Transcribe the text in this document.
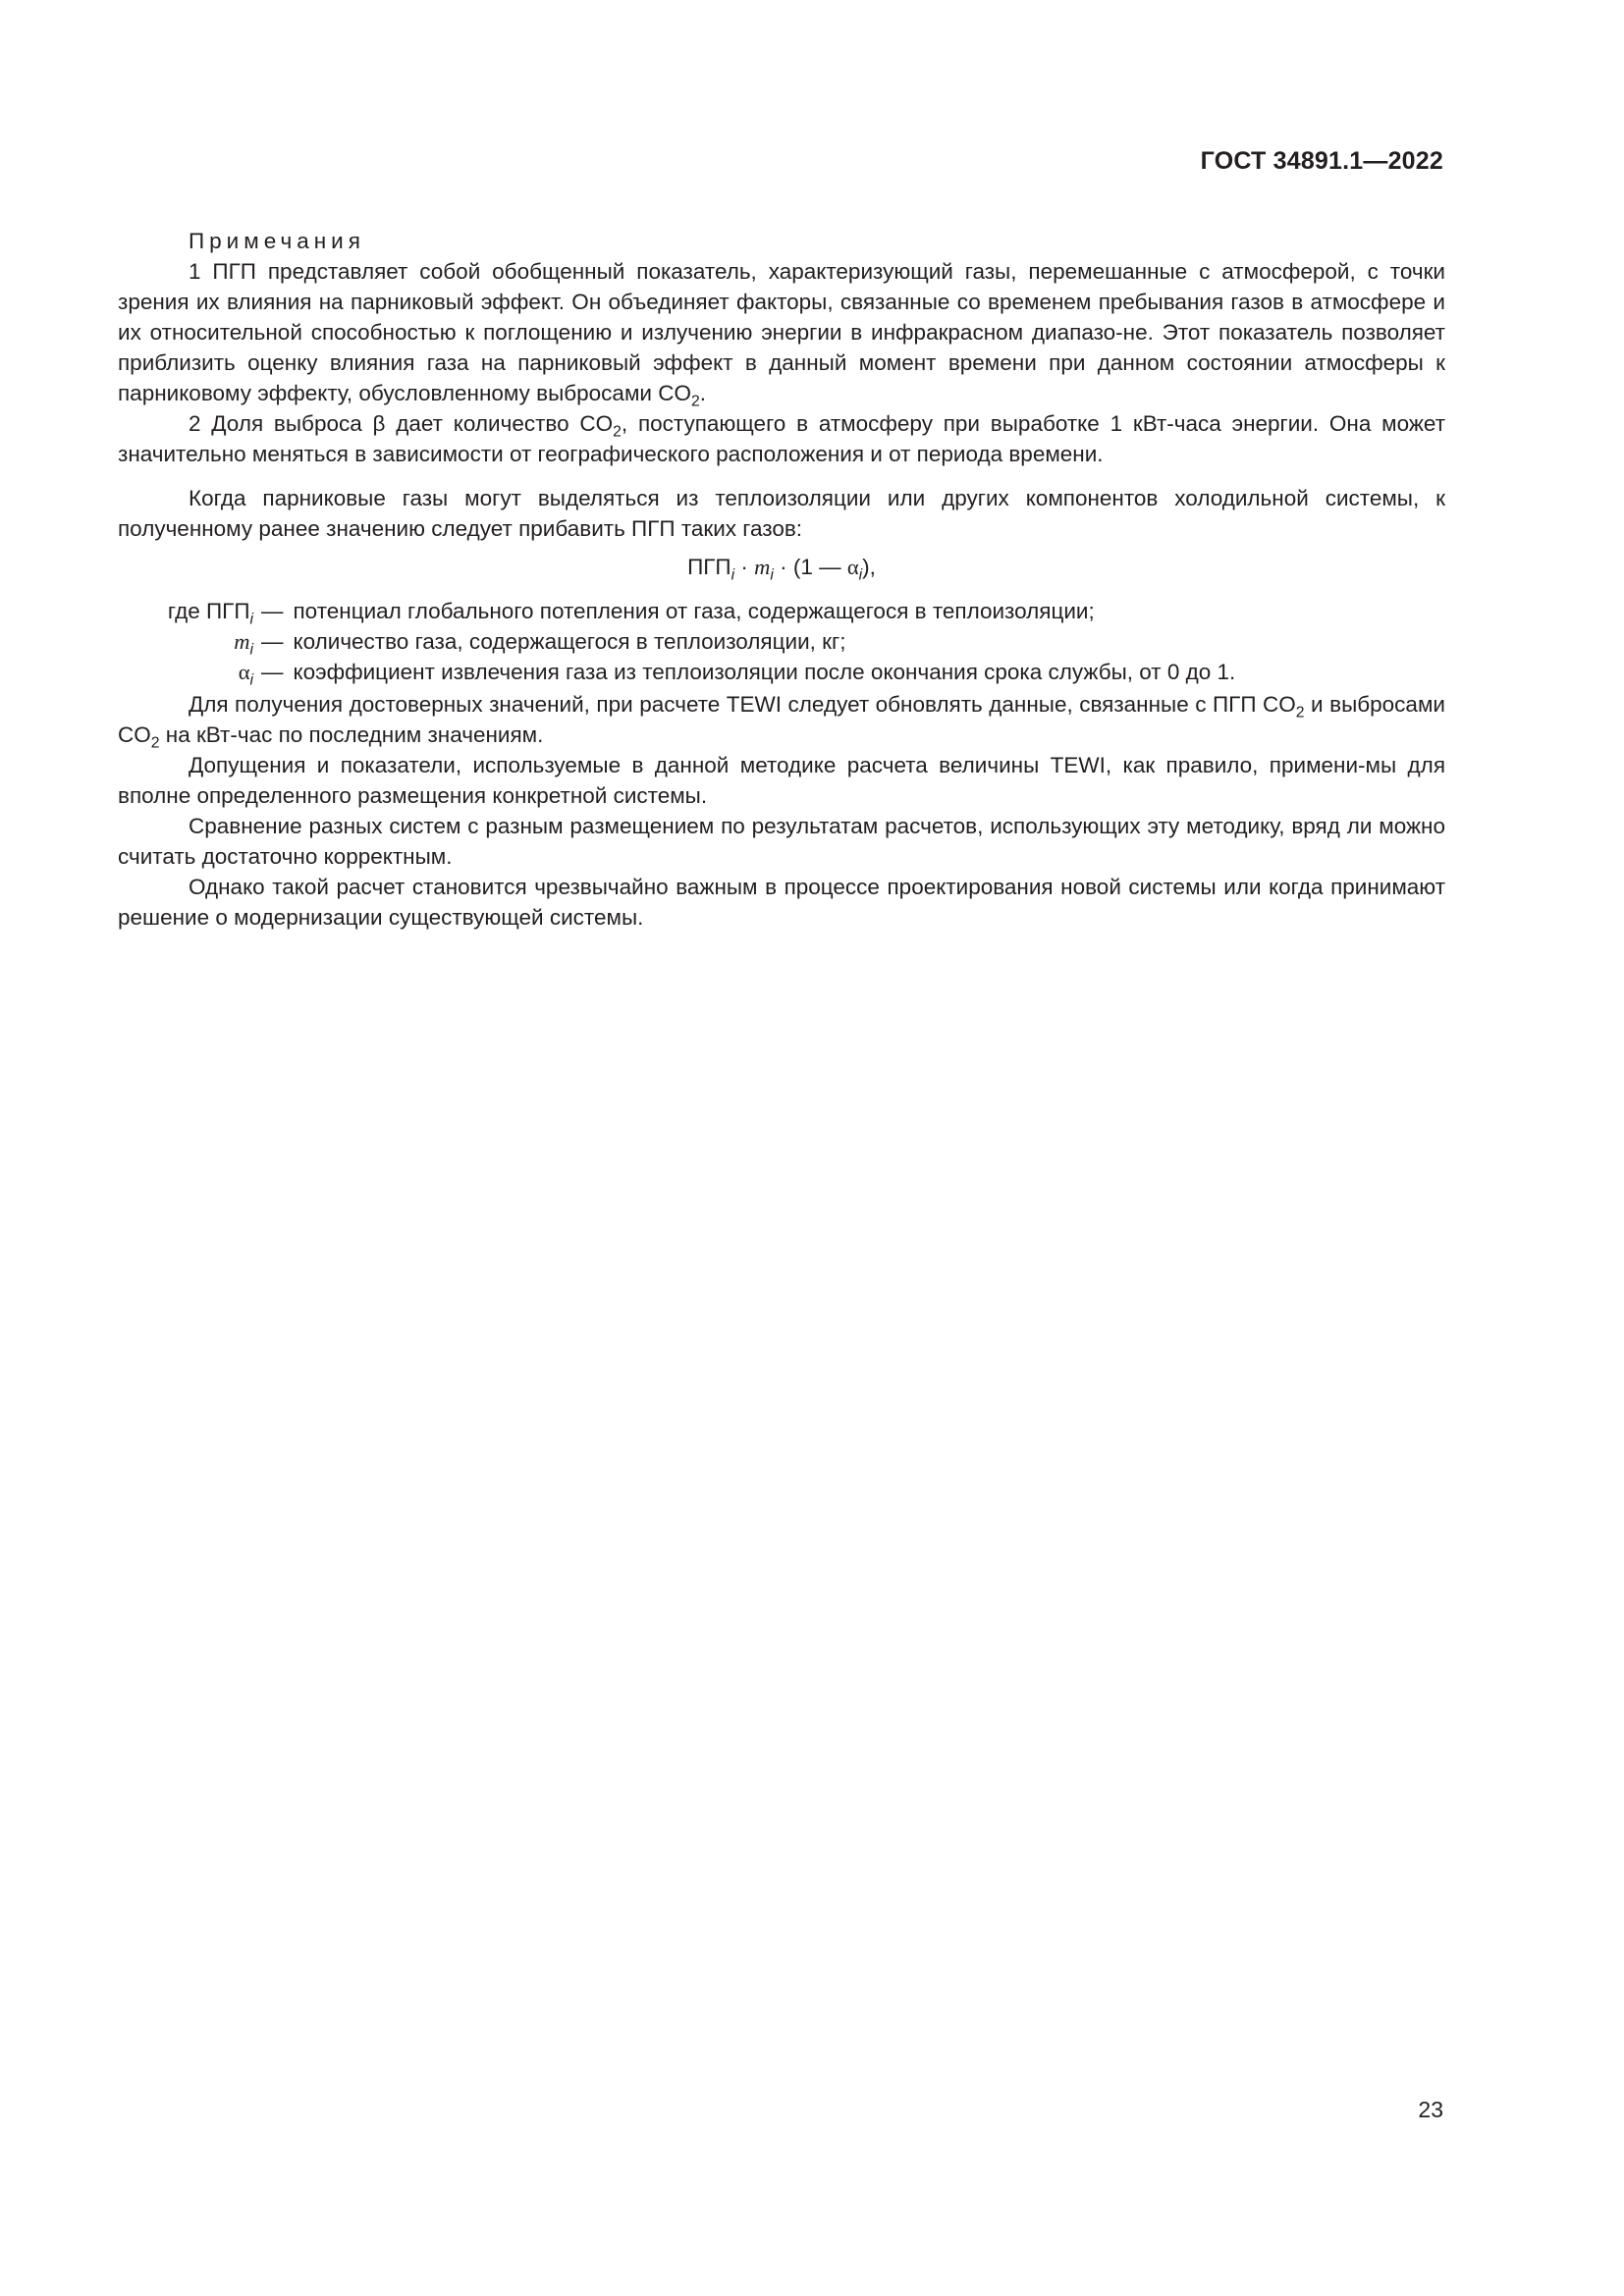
ГОСТ 34891.1—2022

Примечания

1 ПГП представляет собой обобщенный показатель, характеризующий газы, перемешанные с атмосферой, с точки зрения их влияния на парниковый эффект. Он объединяет факторы, связанные со временем пребывания газов в атмосфере и их относительной способностью к поглощению и излучению энергии в инфракрасном диапазо-не. Этот показатель позволяет приблизить оценку влияния газа на парниковый эффект в данный момент времени при данном состоянии атмосферы к парниковому эффекту, обусловленному выбросами $CO_2$.

2 Доля выброса β дает количество $CO_2$, поступающего в атмосферу при выработке 1 кВт-часа энергии. Она может значительно меняться в зависимости от географического расположения и от периода времени.

Когда парниковые газы могут выделяться из теплоизоляции или других компонентов холодильной системы, к полученному ранее значению следует прибавить ПГП таких газов:

$ПГП_i \cdot m_i \cdot (1$ — $\alpha_i$),

где $ПГП_i$ — потенциал глобального потепления от газа, содержащегося в теплоизоляции;
$m_i$ — количество газа, содержащегося в теплоизоляции, кг;
$\alpha_i$ — коэффициент извлечения газа из теплоизоляции после окончания срока службы, от 0 до 1.

Для получения достоверных значений, при расчете TEWI следует обновлять данные, связанные с ПГП $CO_2$ и выбросами $CO_2$ на кВт-час по последним значениям.

Допущения и показатели, используемые в данной методике расчета величины TEWI, как правило, примени-мы для вполне определенного размещения конкретной системы.

Сравнение разных систем с разным размещением по результатам расчетов, использующих эту методику, вряд ли можно считать достаточно корректным.

Однако такой расчет становится чрезвычайно важным в процессе проектирования новой системы или когда принимают решение о модернизации существующей системы.

23
